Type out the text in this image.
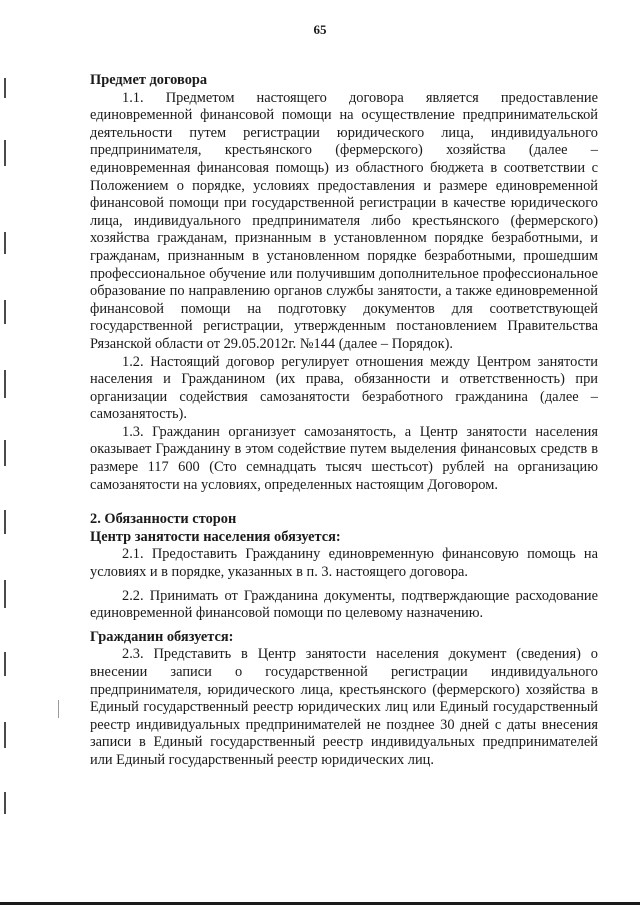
65

Предмет договора

1.1. Предметом настоящего договора является предоставление единовременной финансовой помощи на осуществление предпринимательской деятельности путем регистрации юридического лица, индивидуального предпринимателя, крестьянского (фермерского) хозяйства (далее – единовременная финансовая помощь) из областного бюджета в соответствии с Положением о порядке, условиях предоставления и размере единовременной финансовой помощи при государственной регистрации в качестве юридического лица, индивидуального предпринимателя либо крестьянского (фермерского) хозяйства гражданам, признанным в установленном порядке безработными, и гражданам, признанным в установленном порядке безработными, прошедшим профессиональное обучение или получившим дополнительное профессиональное образование по направлению органов службы занятости, а также единовременной финансовой помощи на подготовку документов для соответствующей государственной регистрации, утвержденным постановлением Правительства Рязанской области от 29.05.2012г. №144 (далее – Порядок).

1.2. Настоящий договор регулирует отношения между Центром занятости населения и Гражданином (их права, обязанности и ответственность) при организации содействия самозанятости безработного гражданина (далее – самозанятость).

1.3. Гражданин организует самозанятость, а Центр занятости населения оказывает Гражданину в этом содействие путем выделения финансовых средств в размере 117 600 (Сто семнадцать тысяч шестьсот) рублей на организацию самозанятости на условиях, определенных настоящим Договором.

2. Обязанности сторон

Центр занятости населения обязуется:

2.1. Предоставить Гражданину единовременную финансовую помощь на условиях и в порядке, указанных в п. 3. настоящего договора.

2.2. Принимать от Гражданина документы, подтверждающие расходование единовременной финансовой помощи по целевому назначению.

Гражданин обязуется:

2.3. Представить в Центр занятости населения документ (сведения) о внесении записи о государственной регистрации индивидуального предпринимателя, юридического лица, крестьянского (фермерского) хозяйства в Единый государственный реестр юридических лиц или Единый государственный реестр индивидуальных предпринимателей не позднее 30 дней с даты внесения записи в Единый государственный реестр индивидуальных предпринимателей или Единый государственный реестр юридических лиц.
